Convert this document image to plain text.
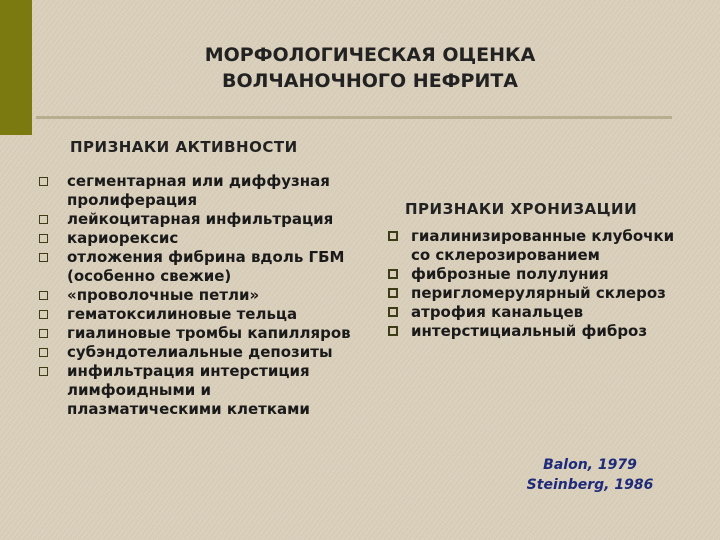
МОРФОЛОГИЧЕСКАЯ ОЦЕНКА
ВОЛЧАНОЧНОГО НЕФРИТА
ПРИЗНАКИ АКТИВНОСТИ
сегментарная или диффузная пролиферация
лейкоцитарная инфильтрация
кариорексис
отложения фибрина вдоль ГБМ (особенно свежие)
«проволочные петли»
гематоксилиновые тельца
гиалиновые тромбы капилляров
субэндотелиальные депозиты
инфильтрация интерстиция лимфоидными и плазматическими клетками
ПРИЗНАКИ ХРОНИЗАЦИИ
гиалинизированные клубочки со склерозированием
фиброзные полулуния
перигломерулярный склероз
атрофия канальцев
интерстициальный фиброз
Balon, 1979
Steinberg, 1986
